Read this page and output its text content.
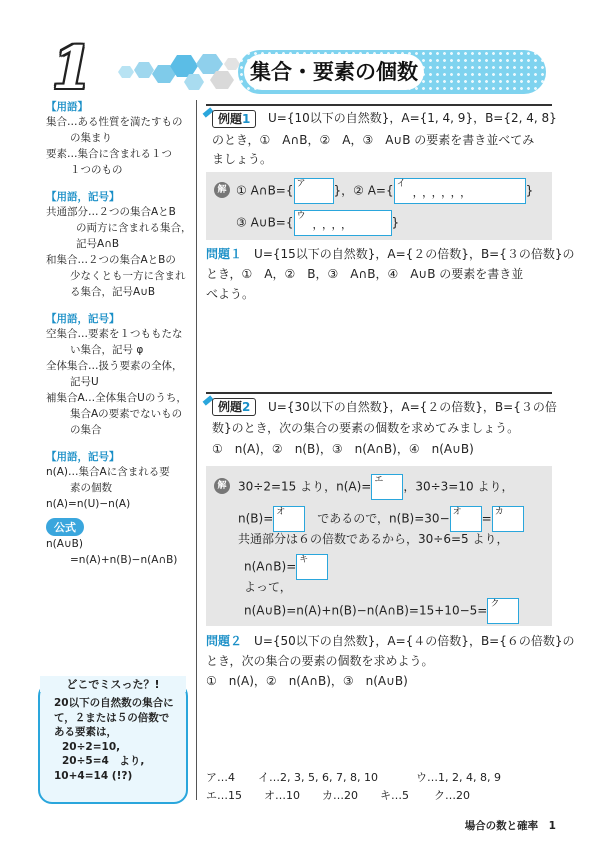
1	集合・要素の個数
【用語】
集合…ある性質を満たすもの
の集まり
要素…集合に含まれる１つ
１つのもの
【用語，記号】
共通部分…２つの集合AとB
の両方に含まれる集合，
記号A∩B
和集合…２つの集合AとBの
少なくとも一方に含まれ
る集合，記号A∪B
【用語，記号】
空集合…要素を１つももたな
い集合，記号 φ
全体集合…扱う要素の全体，
記号U
補集合A…全体集合Uのうち，
集合Aの要素でないもの
の集合
【用語，記号】
n(A)…集合Aに含まれる要
素の個数
n(A)=n(U)−n(A)
公式
n(A∪B)
=n(A)+n(B)−n(A∩B)
どこでミスった？!
20以下の自然数の集合に
て，２または５の倍数で
ある要素は，
20÷2=10,
20÷5=4　より,
10+4=14 (!?)
例題1	U={10以下の自然数}，A={1, 4, 9}，B={2, 4, 8}
のとき，①　A∩B，②　A，③　A∪B の要素を書き並べてみ
ましょう。
解 ① A∩B={ ア }，② A={ イ
，，，，，，	}
③ A∪B={ ウ
，，，，	}
問題１　 U={15以下の自然数}，A={２の倍数}，B={３の倍数}の
とき，①　A，②　B，③　A∩B，④　A∪B の要素を書き並
べよう。
例題2	U={30以下の自然数}，A={２の倍数}，B={３の倍
数}のとき，次の集合の要素の個数を求めてみましょう。
①　n(A)，②　n(B)，③　n(A∩B)，④　n(A∪B)
解 30÷2=15 より，n(A)= エ ，30÷3=10 より，
n(B)= オ
　	であるので，n(B)=30− オ = カ
共通部分は６の倍数であるから，30÷6=5 より，
n(A∩B)= キ
よって，
n(A∪B)=n(A)+n(B)−n(A∩B)=15+10−5= ク
問題２　 U={50以下の自然数}，A={４の倍数}，B={６の倍数}の
とき，次の集合の要素の個数を求めよう。
①　n(A)，②　n(A∩B)，③　n(A∪B)
ア…4 イ…2, 3, 5, 6, 7, 8, 10	ウ…1, 2, 4, 8, 9
エ…15 オ…10 カ…20 キ…5 ク…20
場合の数と確率　1
